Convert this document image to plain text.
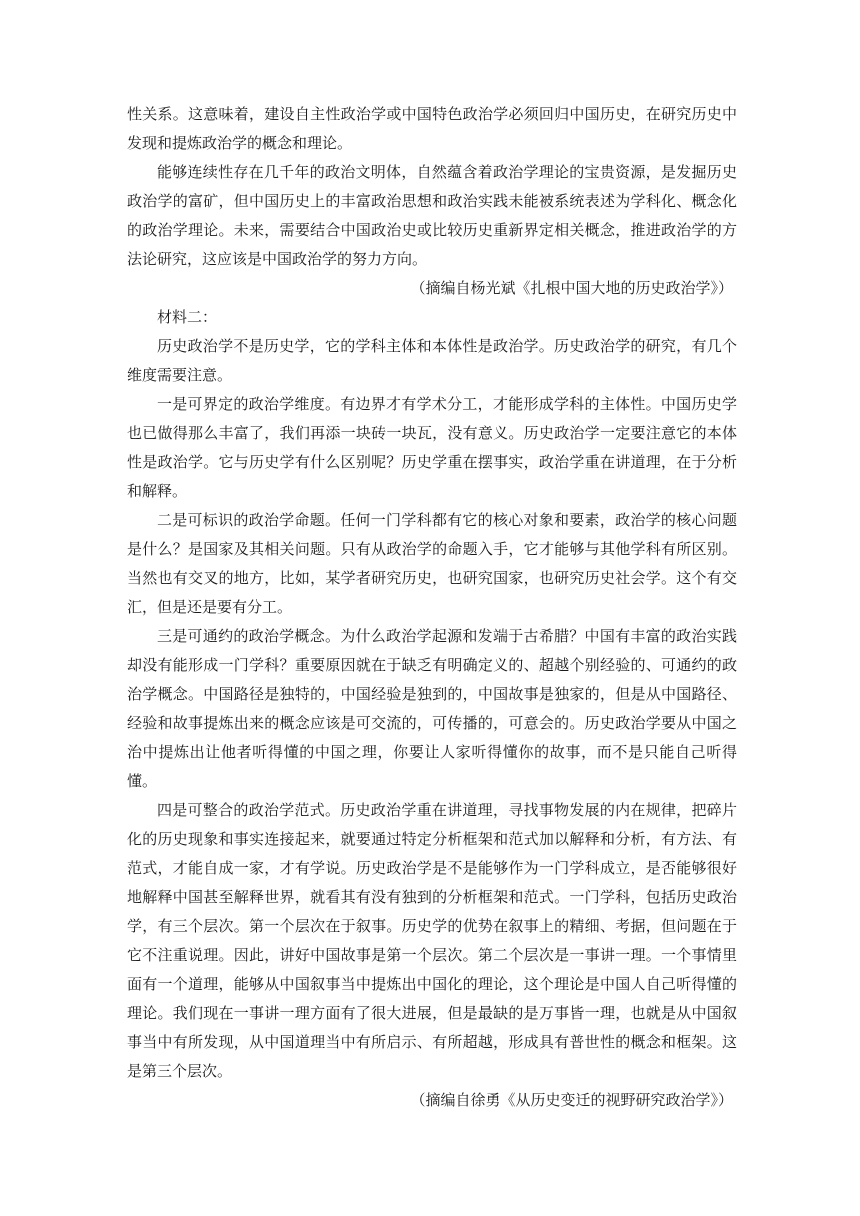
性关系。这意味着，建设自主性政治学或中国特色政治学必须回归中国历史，在研究历史中发现和提炼政治学的概念和理论。

能够连续性存在几千年的政治文明体，自然蕴含着政治学理论的宝贵资源，是发掘历史政治学的富矿，但中国历史上的丰富政治思想和政治实践未能被系统表述为学科化、概念化的政治学理论。未来，需要结合中国政治史或比较历史重新界定相关概念，推进政治学的方法论研究，这应该是中国政治学的努力方向。

（摘编自杨光斌《扎根中国大地的历史政治学》）

材料二：

历史政治学不是历史学，它的学科主体和本体性是政治学。历史政治学的研究，有几个维度需要注意。

一是可界定的政治学维度。有边界才有学术分工，才能形成学科的主体性。中国历史学也已做得那么丰富了，我们再添一块砖一块瓦，没有意义。历史政治学一定要注意它的本体性是政治学。它与历史学有什么区别呢？历史学重在摆事实，政治学重在讲道理，在于分析和解释。

二是可标识的政治学命题。任何一门学科都有它的核心对象和要素，政治学的核心问题是什么？是国家及其相关问题。只有从政治学的命题入手，它才能够与其他学科有所区别。当然也有交叉的地方，比如，某学者研究历史，也研究国家，也研究历史社会学。这个有交汇，但是还是要有分工。

三是可通约的政治学概念。为什么政治学起源和发端于古希腊？中国有丰富的政治实践却没有能形成一门学科？重要原因就在于缺乏有明确定义的、超越个别经验的、可通约的政治学概念。中国路径是独特的，中国经验是独到的，中国故事是独家的，但是从中国路径、经验和故事提炼出来的概念应该是可交流的，可传播的，可意会的。历史政治学要从中国之治中提炼出让他者听得懂的中国之理，你要让人家听得懂你的故事，而不是只能自己听得懂。

四是可整合的政治学范式。历史政治学重在讲道理，寻找事物发展的内在规律，把碎片化的历史现象和事实连接起来，就要通过特定分析框架和范式加以解释和分析，有方法、有范式，才能自成一家，才有学说。历史政治学是不是能够作为一门学科成立，是否能够很好地解释中国甚至解释世界，就看其有没有独到的分析框架和范式。一门学科，包括历史政治学，有三个层次。第一个层次在于叙事。历史学的优势在叙事上的精细、考据，但问题在于它不注重说理。因此，讲好中国故事是第一个层次。第二个层次是一事讲一理。一个事情里面有一个道理，能够从中国叙事当中提炼出中国化的理论，这个理论是中国人自己听得懂的理论。我们现在一事讲一理方面有了很大进展，但是最缺的是万事皆一理，也就是从中国叙事当中有所发现，从中国道理当中有所启示、有所超越，形成具有普世性的概念和框架。这是第三个层次。

（摘编自徐勇《从历史变迁的视野研究政治学》）
